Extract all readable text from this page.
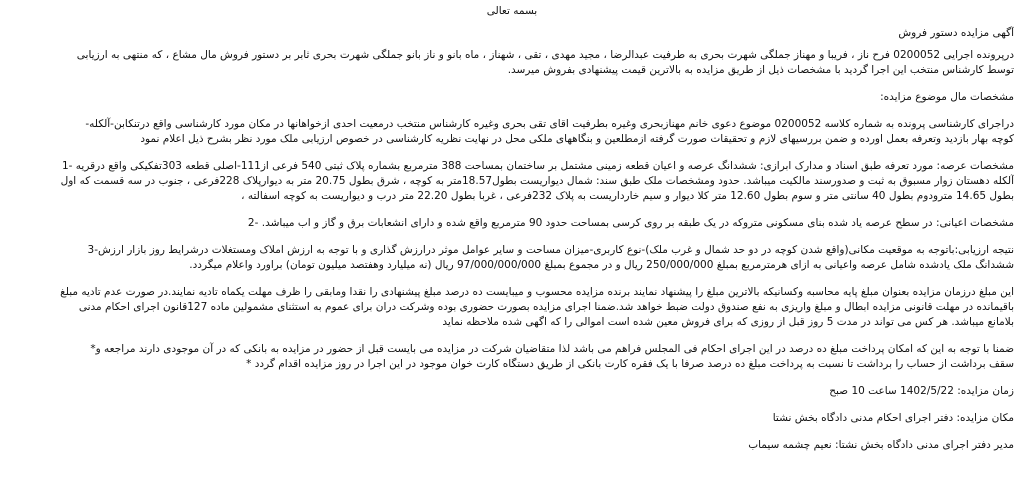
بسمه تعالی
آگهی مزایده دستور فروش
درپرونده اجرایی 0200052 فرح ناز ، فریبا و مهناز جملگی شهرت بحری به طرفیت عبدالرضا ، مجید مهدی ، تقی ، شهناز ، ماه بانو و ناز بانو جملگی شهرت بحری ثابر بر دستور فروش مال مشاع ، که منتهی به ارزیابی
توسط کارشناس منتخب این اجرا گردید با مشخصات ذیل از طریق مزایده به بالاترین قیمت پیشنهادی بفروش میرسد.
مشخصات مال موضوع مزایده:
دراجرای کارشناسی پرونده به شماره کلاسه 0200052 موضوع دعوی خانم مهنازبحری وغیره بطرفیت اقای تقی بحری وغیره کارشناس منتخب درمعیت احدی ازخواهانها در مکان مورد کارشناسی واقع درتنکابن-آلکله-
کوچه بهار بازدید وتعرفه بعمل اورده و ضمن بررسیهای لازم و تحقیقات صورت گرفته ازمطلعین و بنگاههای ملکی محل در نهایت نظریه کارشناسی در خصوص ارزیابی ملک مورد نظر بشرح ذیل اعلام نمود
مشخصات عرصه: مورد تعرفه طبق اسناد و مدارک ابرازی: ششدانگ عرصه و اعیان قطعه زمینی مشتمل بر ساختمان بمساحت 388 مترمربع بشماره پلاک ثبتی 540 فرعی از111-اصلی قطعه 303تفکیکی واقع درقریه -1
آلکله دهستان زوار مسبوق به ثبت و صدورسند مالکیت میباشد. حدود ومشخصات ملک طبق سند: شمال دیواریست بطول18.57متر به کوچه ، شرق بطول 20.75 متر به دیوارپلاک 228فرعی ، جنوب در سه قسمت که اول
بطول 14.65 مترودوم بطول 40 سانتی متر و سوم بطول 12.60 متر کلا دیوار و سیم خارداریست به پلاک 232فرعی ، غربا بطول 22.20 متر درب و دیواریست به کوچه اسفالته ،
مشخصات اعیانی: در سطح عرصه یاد شده بنای مسکونی متروکه در یک طبقه بر روی کرسی بمساحت حدود 90 مترمربع واقع شده و دارای انشعابات برق و گاز و اب میباشد. -2
نتیجه ارزیابی:باتوجه به موقعیت مکانی(واقع شدن کوچه در دو حد شمال و غرب ملک)-نوع کاربری-میزان مساحت و سایر عوامل موثر درارزش گذاری و با توجه به ارزش املاک ومستغلات درشرایط روز بازار ارزش-3
ششدانگ ملک یادشده شامل عرصه واعیانی به ازای هرمترمربع بمبلغ 250/000/000 ریال و در مجموع بمبلغ 97/000/000/000 ریال (نه میلیارد وهفتصد میلیون تومان) براورد واعلام میگردد.
این مبلغ درزمان مزایده بعنوان مبلغ پایه محاسبه وکسانیکه بالاترین مبلغ را پیشنهاد نمایند برنده مزایده محسوب و میبایست ده درصد مبلغ پیشنهادی را نقدا ومابقی را ظرف مهلت یکماه تادیه نمایند.در صورت عدم تادیه مبلغ
باقیمانده در مهلت قانونی مزایده ابطال و مبلغ واریزی به نفع صندوق دولت ضبط خواهد شد.ضمنا اجرای مزایده بصورت حضوری بوده وشرکت دران برای عموم به استثنای مشمولین ماده 127قانون اجرای احکام مدنی
بلامانع میباشد. هر کس می تواند در مدت 5 روز قبل از روزی که برای فروش معین شده است اموالی را که اگهی شده ملاحظه نماید
ضمنا با توجه به این که امکان پرداخت مبلغ ده درصد در این اجرای احکام فی المجلس فراهم می باشد لذا متقاضیان شرکت در مزایده می بایست قبل از حضور در مزایده به بانکی که در آن موجودی دارند مراجعه و*
سقف برداشت از حساب را برداشت تا نسبت به پرداخت مبلغ ده درصد صرفا با یک فقره کارت بانکی از طریق دستگاه کارت خوان موجود در این اجرا در روز مزایده اقدام گردد *
زمان مزایده: 1402/5/22 ساعت 10 صبح
مکان مزایده: دفتر اجرای احکام مدنی دادگاه بخش نشتا
مدیر دفتر اجرای مدنی دادگاه بخش نشتا: نعیم چشمه سیماب
